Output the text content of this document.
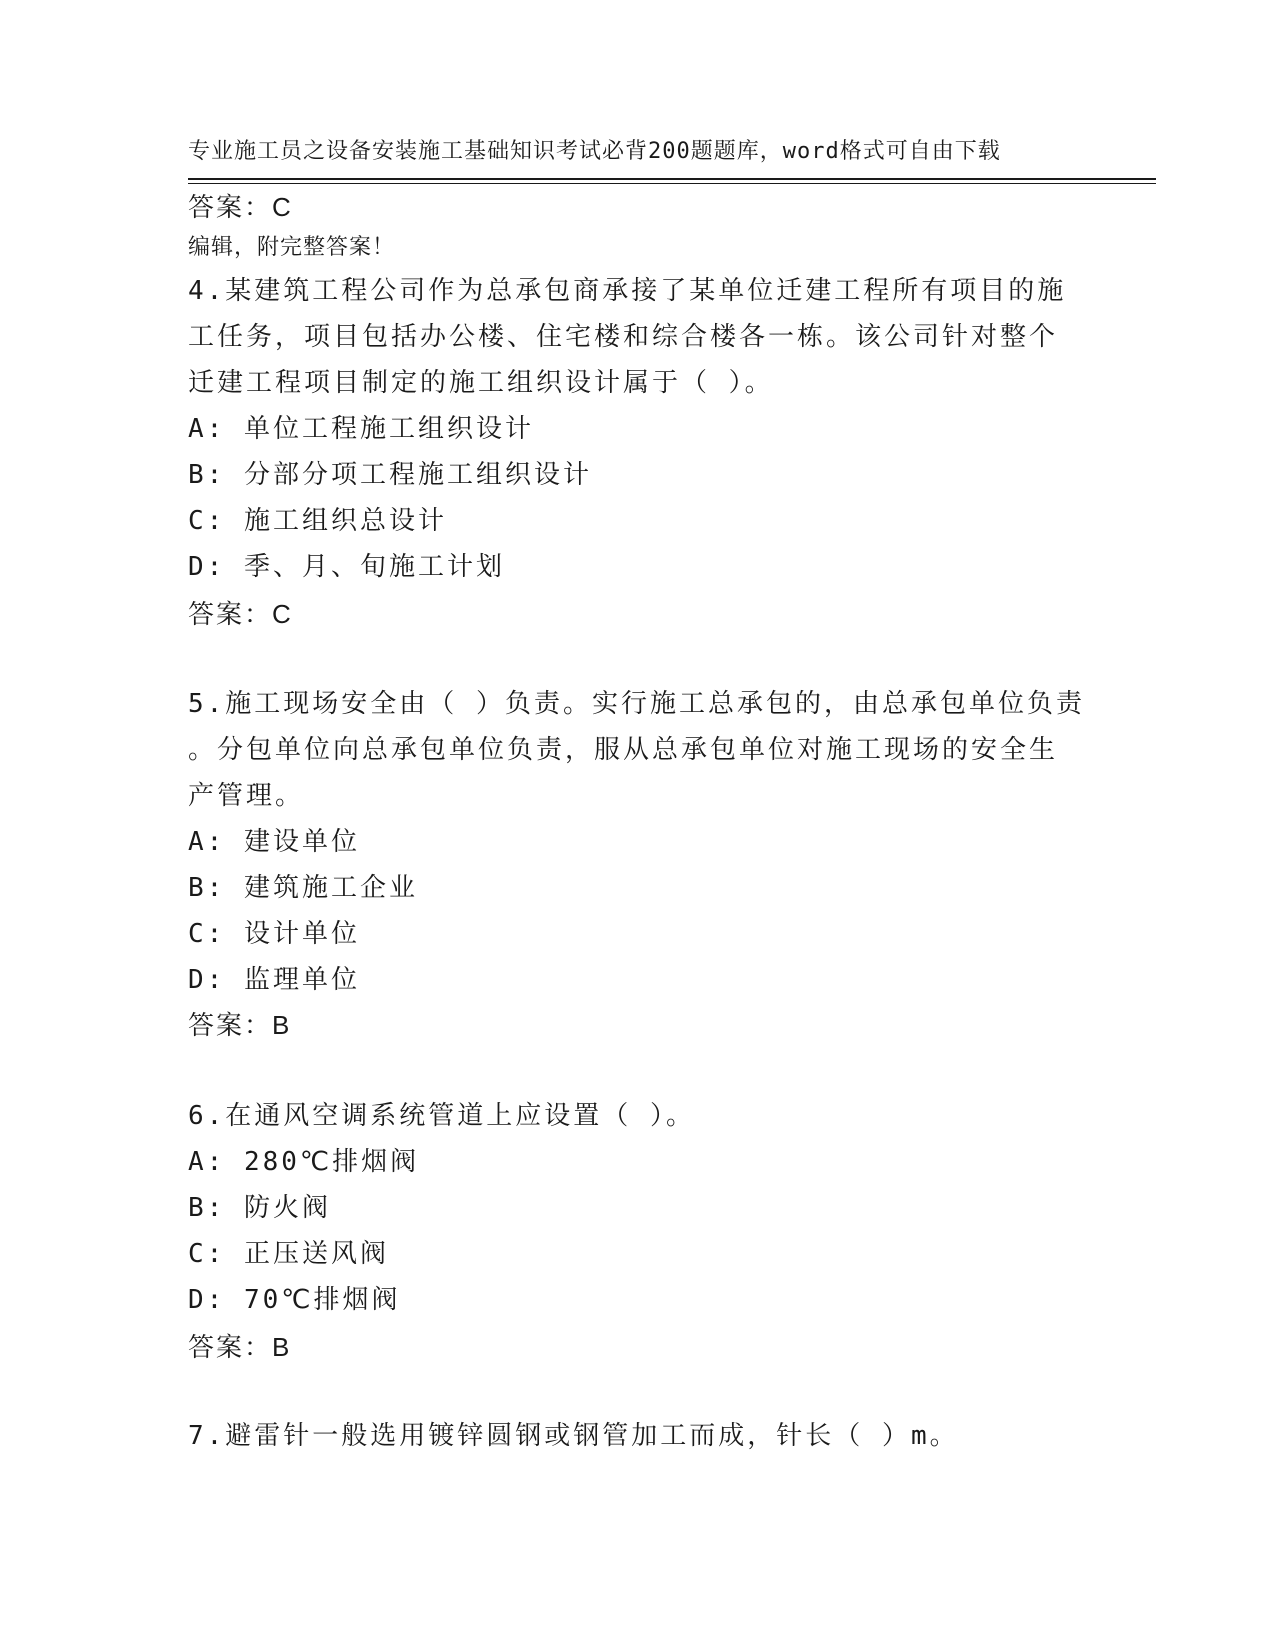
专业施工员之设备安装施工基础知识考试必背200题题库，word格式可自由下载

编辑，附完整答案！

答案：C

4.某建筑工程公司作为总承包商承接了某单位迁建工程所有项目的施

工任务，项目包括办公楼、住宅楼和综合楼各一栋。该公司针对整个

迁建工程项目制定的施工组织设计属于（ ）。

A: 单位工程施工组织设计

B: 分部分项工程施工组织设计

C: 施工组织总设计

D: 季、月、旬施工计划

答案：C

5.施工现场安全由（ ）负责。实行施工总承包的，由总承包单位负责

。分包单位向总承包单位负责，服从总承包单位对施工现场的安全生

产管理。

A: 建设单位

B: 建筑施工企业

C: 设计单位

D: 监理单位

答案：B

6.在通风空调系统管道上应设置（ ）。

A: 280℃排烟阀

B: 防火阀

C: 正压送风阀

D: 70℃排烟阀

答案：B

7.避雷针一般选用镀锌圆钢或钢管加工而成，针长（ ）m。
